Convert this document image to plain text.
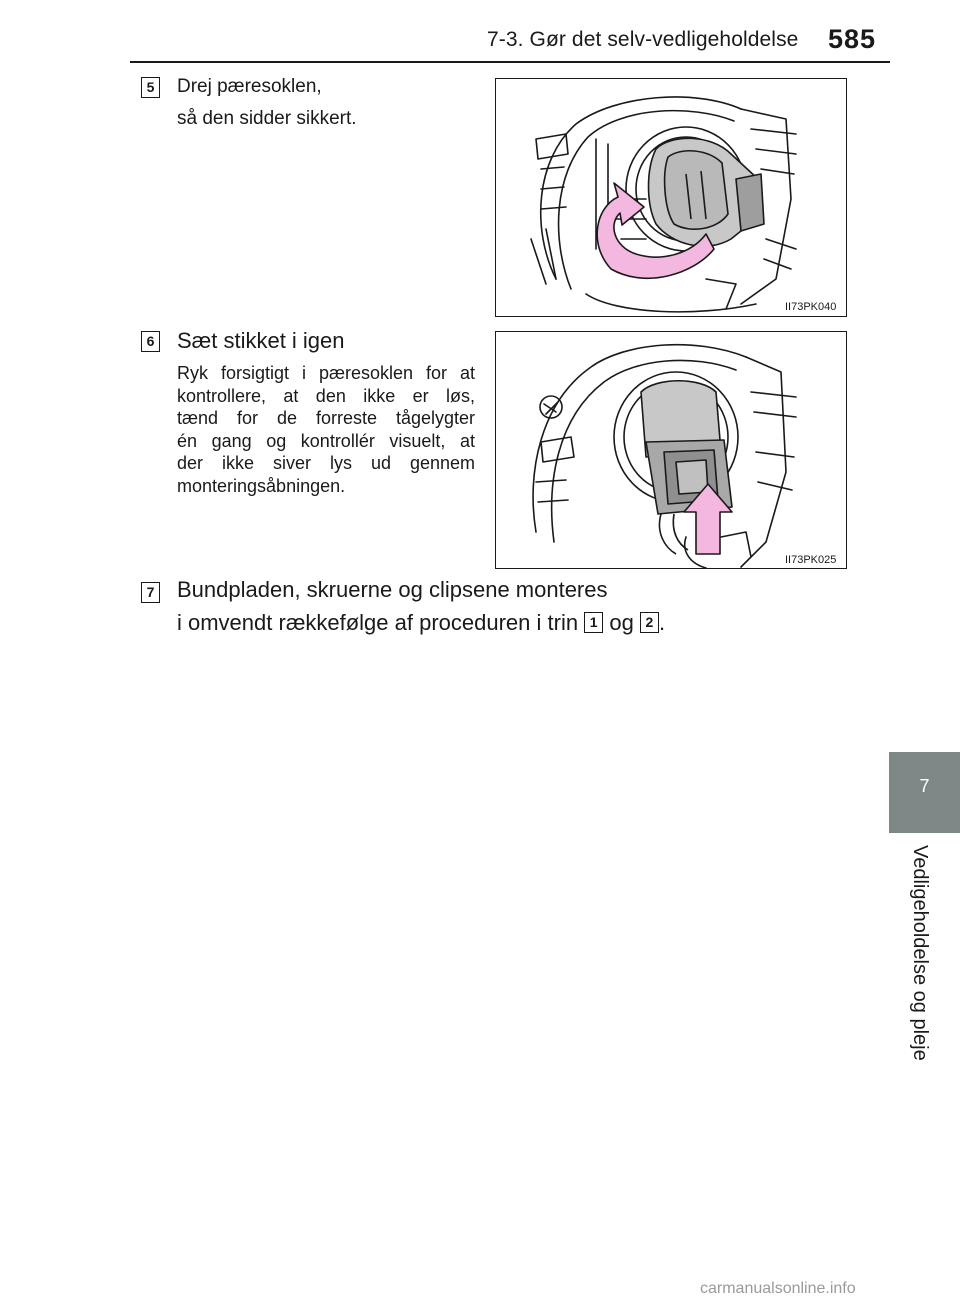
7-3. Gør det selv-vedligeholdelse 585
7
Vedligeholdelse og pleje
5 Drej pæresoklen,
så den sidder sikkert.
II73PK040
6 Sæt stikket i igen
Ryk forsigtigt i pæresoklen for at
kontrollere, at den ikke er løs,
tænd for de forreste tågelygter
én gang og kontrollér visuelt, at
der ikke siver lys ud gennem
monteringsåbningen.
II73PK025
7 Bundpladen, skruerne og clipsene monteres
i omvendt rækkefølge af proceduren i trin 1 og 2 .
carmanualsonline.info
